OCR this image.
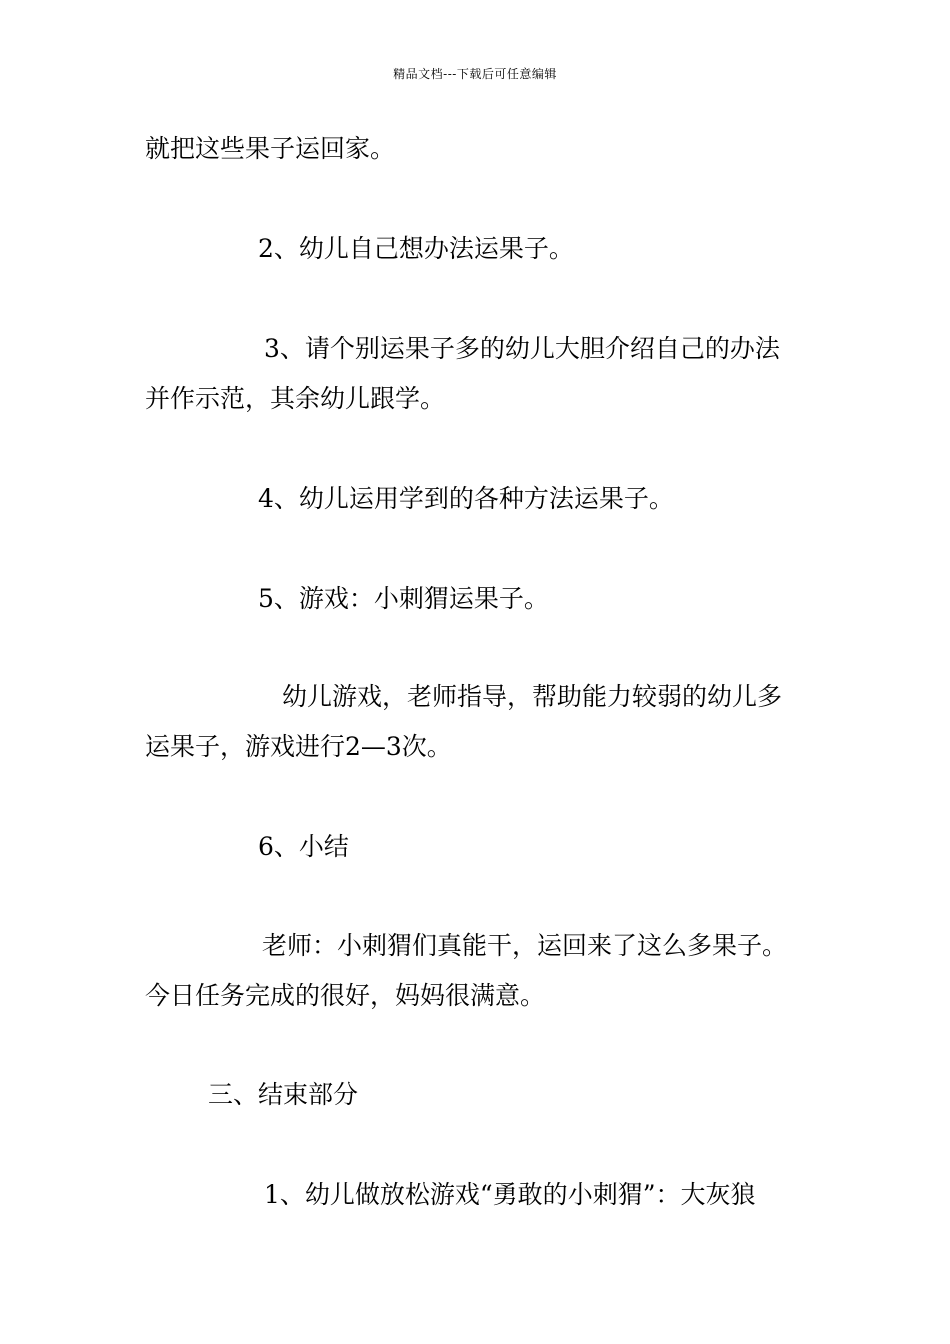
精品文档---下载后可任意编辑
就把这些果子运回家。
2、幼儿自己想办法运果子。
3、请个别运果子多的幼儿大胆介绍自己的办法
并作示范，其余幼儿跟学。
4、幼儿运用学到的各种方法运果子。
5、游戏：小刺猬运果子。
幼儿游戏，老师指导，帮助能力较弱的幼儿多
运果子，游戏进行2—3次。
6、小结
老师：小刺猬们真能干，运回来了这么多果子。
今日任务完成的很好，妈妈很满意。
三、结束部分
1、幼儿做放松游戏“勇敢的小刺猬”：大灰狼
